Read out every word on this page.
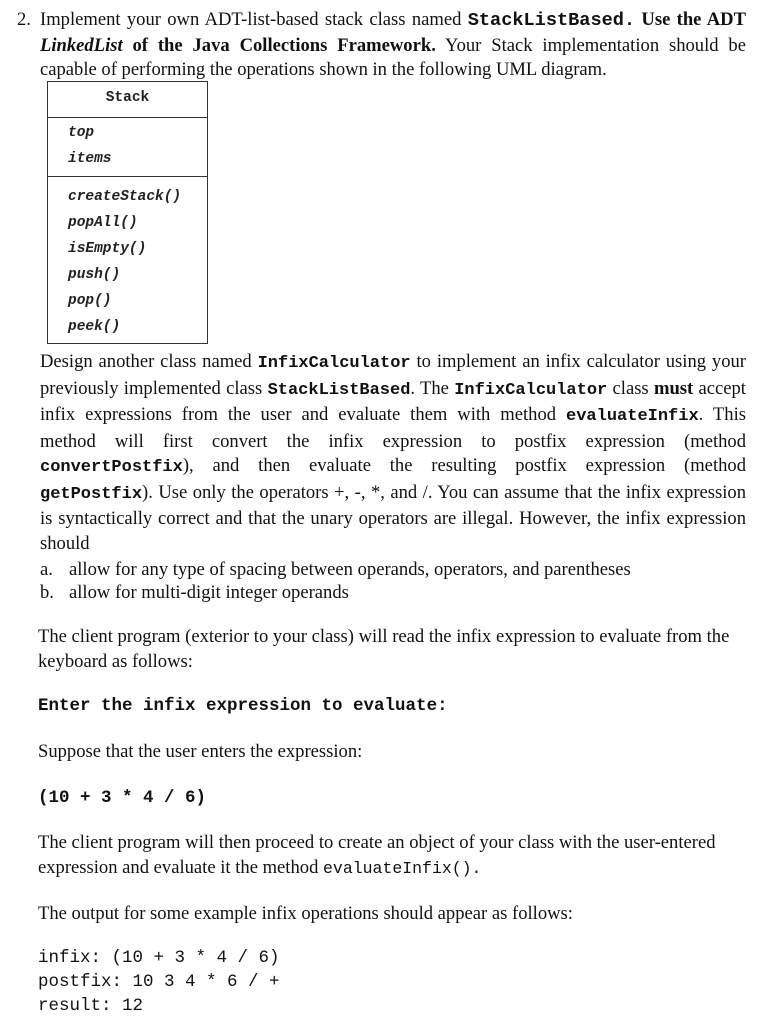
2. Implement your own ADT-list-based stack class named StackListBased. Use the ADT LinkedList of the Java Collections Framework. Your Stack implementation should be capable of performing the operations shown in the following UML diagram.
Stack
top
items
createStack()
popAll()
isEmpty()
push()
pop()
peek()
Design another class named InfixCalculator to implement an infix calculator using your previously implemented class StackListBased. The InfixCalculator class must accept infix expressions from the user and evaluate them with method evaluateInfix. This method will first convert the infix expression to postfix expression (method convertPostfix), and then evaluate the resulting postfix expression (method getPostfix). Use only the operators +, -, *, and /. You can assume that the infix expression is syntactically correct and that the unary operators are illegal. However, the infix expression should
a. allow for any type of spacing between operands, operators, and parentheses
b. allow for multi-digit integer operands
The client program (exterior to your class) will read the infix expression to evaluate from the keyboard as follows:
Enter the infix expression to evaluate:
Suppose that the user enters the expression:
(10 + 3 * 4 / 6)
The client program will then proceed to create an object of your class with the user-entered expression and evaluate it the method evaluateInfix().
The output for some example infix operations should appear as follows:
infix: (10 + 3 * 4 / 6)
postfix: 10 3 4 * 6 / +
result: 12
